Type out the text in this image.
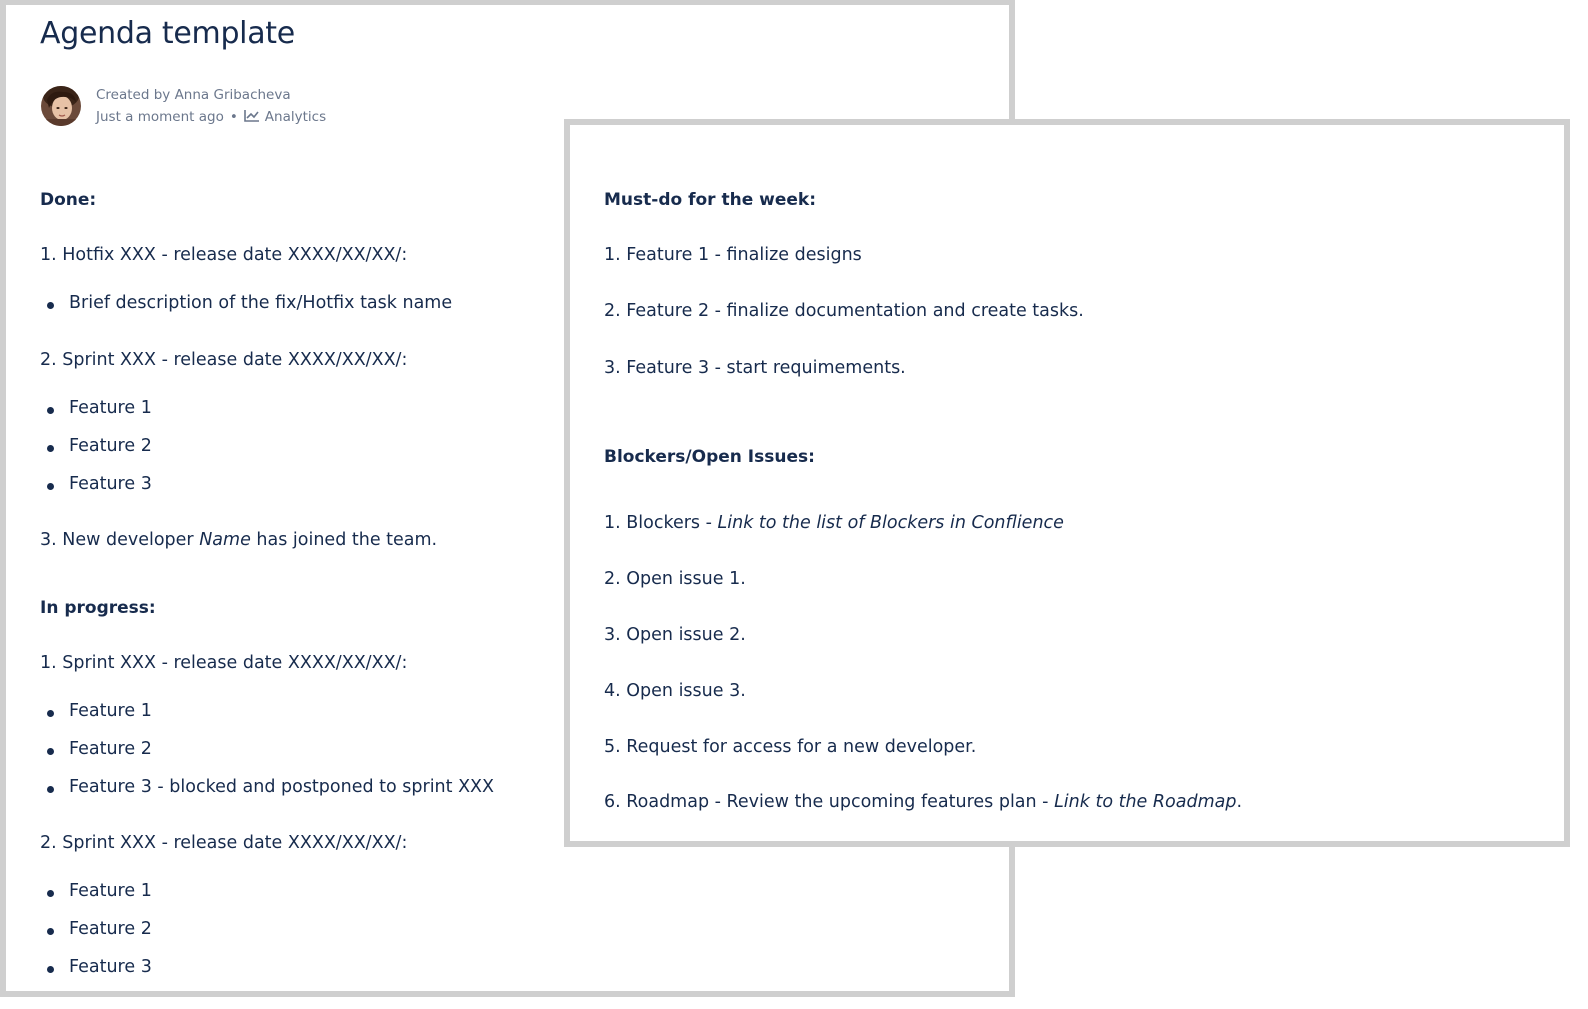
Agenda template
Created by Anna Gribacheva
Just a moment ago • Analytics
Done:
1. Hotfix XXX - release date XXXX/XX/XX/:
Brief description of the fix/Hotfix task name
2. Sprint XXX - release date XXXX/XX/XX/:
Feature 1
Feature 2
Feature 3
3. New developer Name has joined the team.
In progress:
1. Sprint XXX - release date XXXX/XX/XX/:
Feature 1
Feature 2
Feature 3 - blocked and postponed to sprint XXX
2. Sprint XXX - release date XXXX/XX/XX/:
Feature 1
Feature 2
Feature 3
Must-do for the week:
1. Feature 1 - finalize designs
2. Feature 2 - finalize documentation and create tasks.
3. Feature 3 - start requimements.
Blockers/Open Issues:
1. Blockers - Link to the list of Blockers in Conflience
2. Open issue 1.
3. Open issue 2.
4. Open issue 3.
5. Request for access for a new developer.
6. Roadmap - Review the upcoming features plan - Link to the Roadmap.
